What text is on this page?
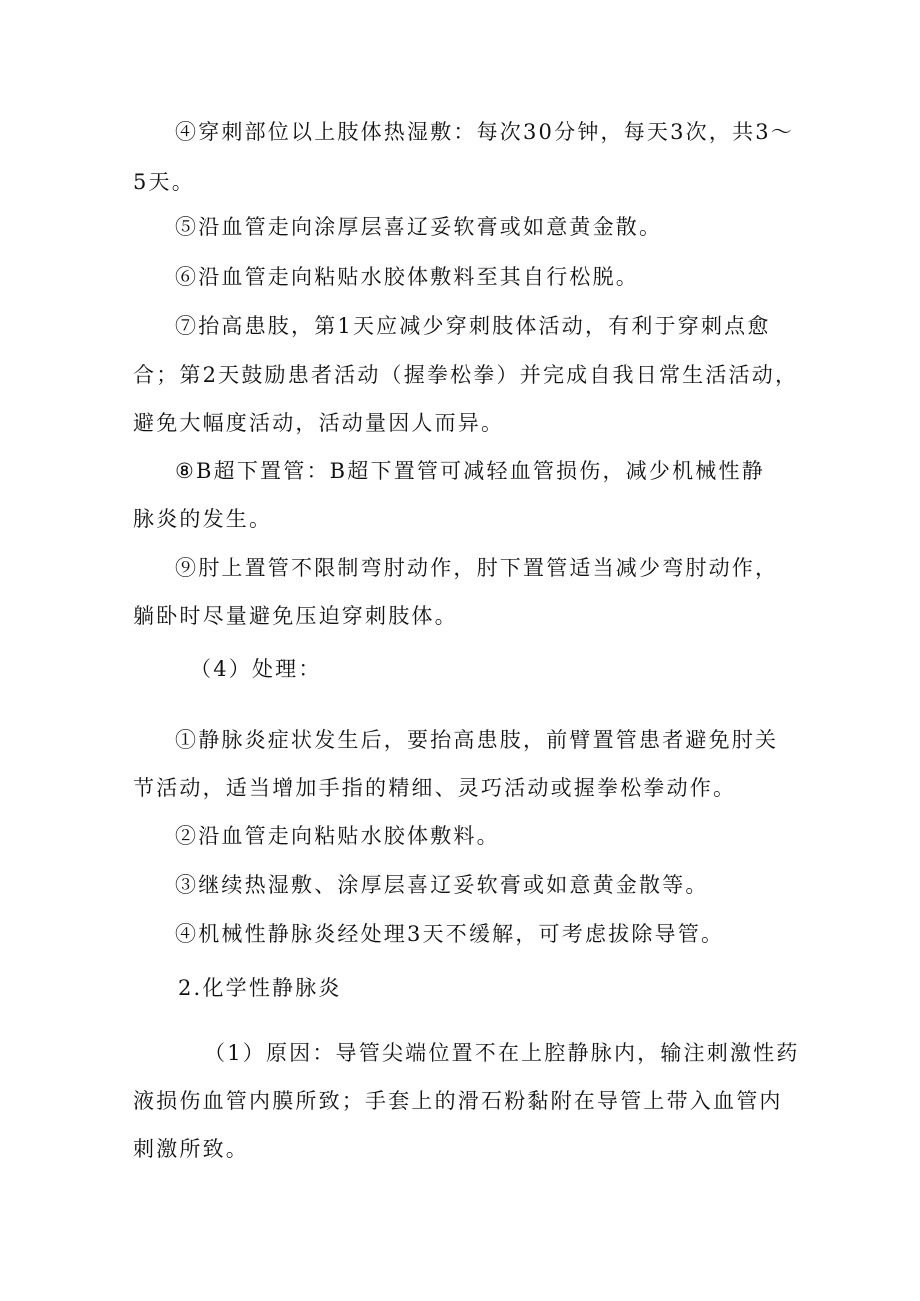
④穿刺部位以上肢体热湿敷：每次30分钟，每天3次，共3～
5天。
⑤沿血管走向涂厚层喜辽妥软膏或如意黄金散。
⑥沿血管走向粘贴水胶体敷料至其自行松脱。
⑦抬高患肢，第1天应减少穿刺肢体活动，有利于穿刺点愈
合；第2天鼓励患者活动（握拳松拳）并完成自我日常生活活动，
避免大幅度活动，活动量因人而异。
⑧B超下置管：B超下置管可减轻血管损伤，减少机械性静
脉炎的发生。
⑨肘上置管不限制弯肘动作，肘下置管适当减少弯肘动作，
躺卧时尽量避免压迫穿刺肢体。
（4）处理：
①静脉炎症状发生后，要抬高患肢，前臂置管患者避免肘关
节活动，适当增加手指的精细、灵巧活动或握拳松拳动作。
②沿血管走向粘贴水胶体敷料。
③继续热湿敷、涂厚层喜辽妥软膏或如意黄金散等。
④机械性静脉炎经处理3天不缓解，可考虑拔除导管。
2.化学性静脉炎
（1）原因：导管尖端位置不在上腔静脉内，输注刺激性药
液损伤血管内膜所致；手套上的滑石粉黏附在导管上带入血管内
刺激所致。
